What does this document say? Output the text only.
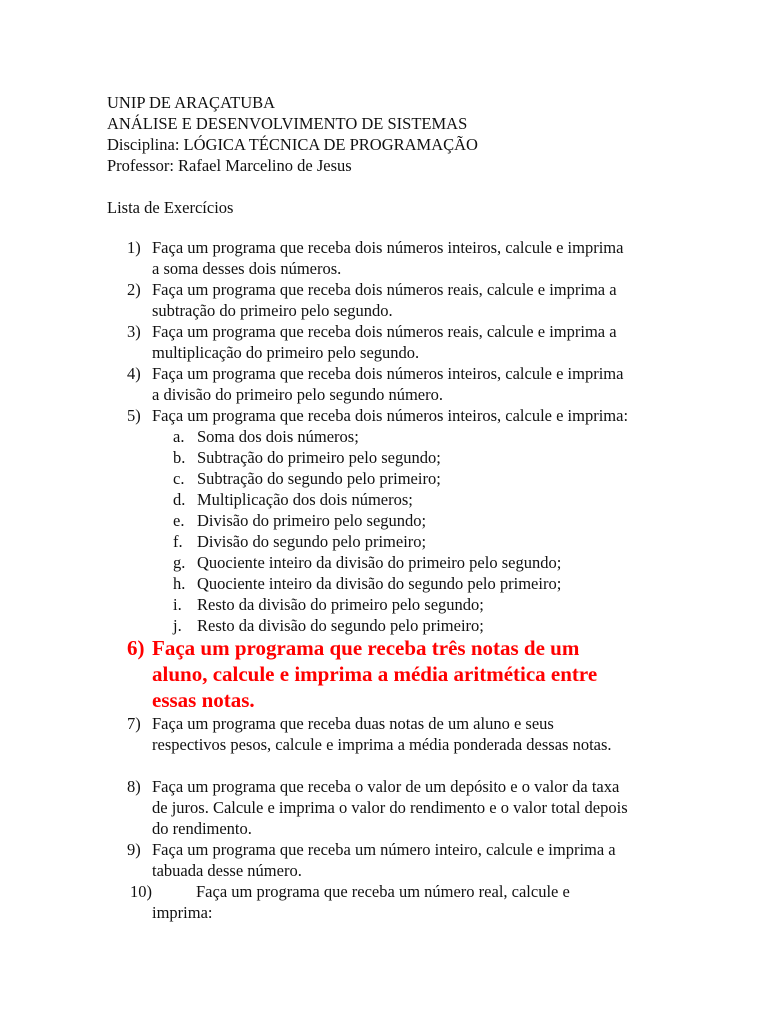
UNIP DE ARAÇATUBA
ANÁLISE E DESENVOLVIMENTO DE SISTEMAS
Disciplina: LÓGICA TÉCNICA DE PROGRAMAÇÃO
Professor: Rafael Marcelino de Jesus
Lista de Exercícios
1) Faça um programa que receba dois números inteiros, calcule e imprima
a soma desses dois números.
2) Faça um programa que receba dois números reais, calcule e imprima a
subtração do primeiro pelo segundo.
3) Faça um programa que receba dois números reais, calcule e imprima a
multiplicação do primeiro pelo segundo.
4) Faça um programa que receba dois números inteiros, calcule e imprima
a divisão do primeiro pelo segundo número.
5) Faça um programa que receba dois números inteiros, calcule e imprima:
a. Soma dos dois números;
b. Subtração do primeiro pelo segundo;
c. Subtração do segundo pelo primeiro;
d. Multiplicação dos dois números;
e. Divisão do primeiro pelo segundo;
f. Divisão do segundo pelo primeiro;
g. Quociente inteiro da divisão do primeiro pelo segundo;
h. Quociente inteiro da divisão do segundo pelo primeiro;
i. Resto da divisão do primeiro pelo segundo;
j. Resto da divisão do segundo pelo primeiro;
6) Faça um programa que receba três notas de um
aluno, calcule e imprima a média aritmética entre
essas notas.
7) Faça um programa que receba duas notas de um aluno e seus
respectivos pesos, calcule e imprima a média ponderada dessas notas.
8) Faça um programa que receba o valor de um depósito e o valor da taxa
de juros. Calcule e imprima o valor do rendimento e o valor total depois
do rendimento.
9) Faça um programa que receba um número inteiro, calcule e imprima a
tabuada desse número.
10)	Faça um programa que receba um número real, calcule e
imprima:
